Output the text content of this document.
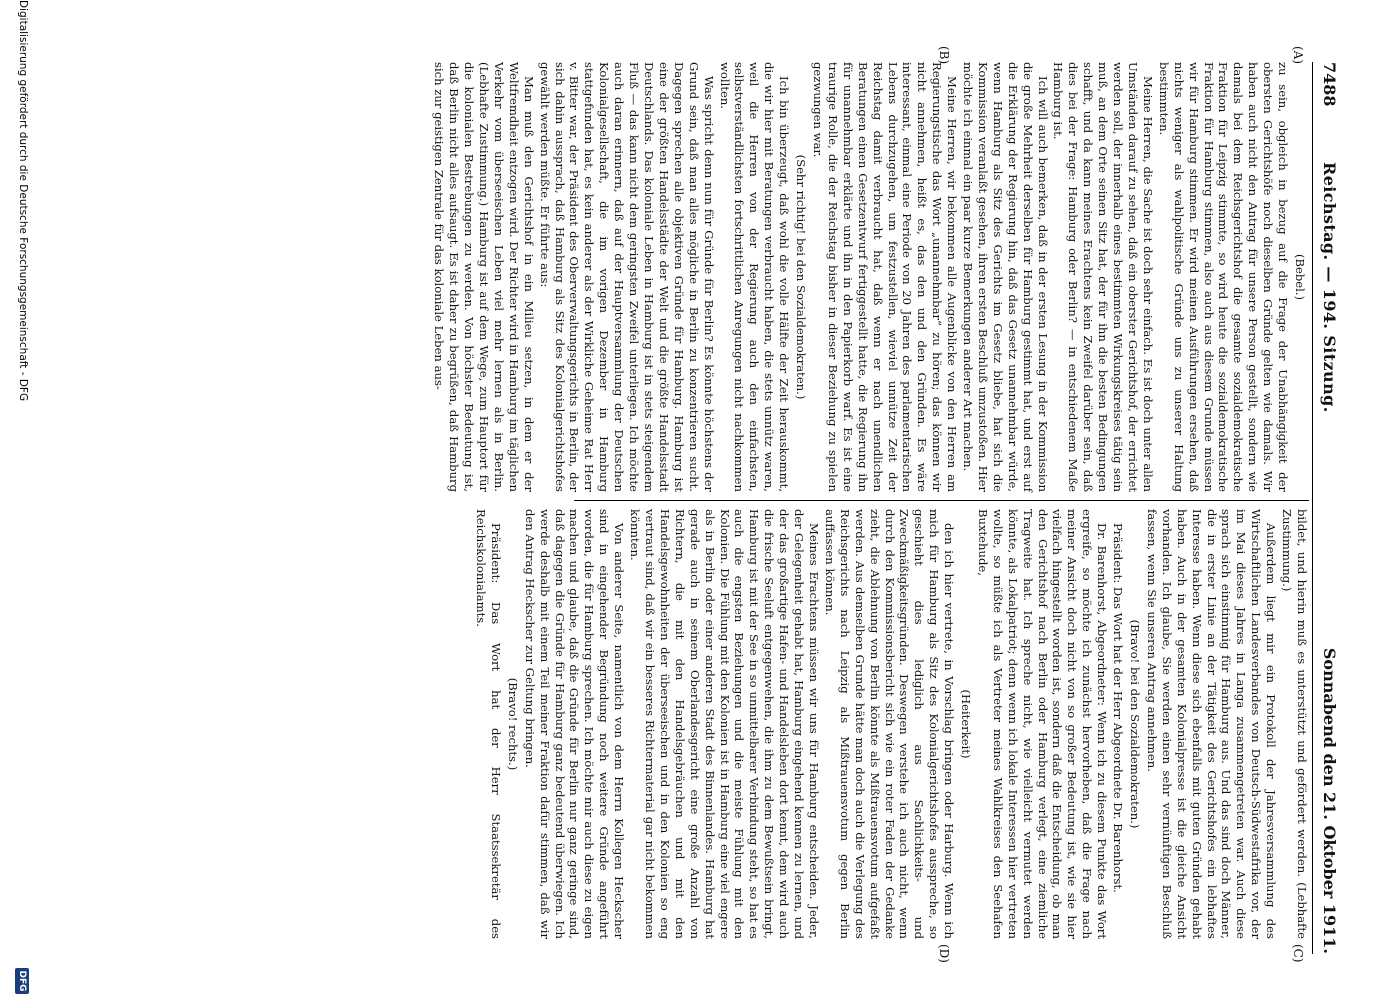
7488
Reichstag. — 194. Sitzung.
Sonnabend den 21. Oktober 1911.
(A)
(B)
(C)
(D)

(Bebel.)

zu sein, obgleich in bezug auf die Frage der Unabhängigkeit der obersten Gerichtshöfe noch dieselben Gründe gelten wie damals. Wir haben auch nicht den Antrag für unsere Person gestellt, sondern wie damals bei dem Reichsgerichtshof die gesamte sozialdemokratische Fraktion für Leipzig stimmte, so wird heute die sozialdemokratische Fraktion für Hamburg stimmen, also auch aus diesem Grunde müssen wir für Hamburg stimmen. Er wird meinen Ausführungen ersehen, daß nichts weniger als wahlpolitische Gründe uns zu unserer Haltung bestimmten.

Meine Herren, die Sache ist doch sehr einfach. Es ist doch unter allen Umständen darauf zu sehen, daß ein oberster Gerichtshof, der errichtet werden soll, der innerhalb eines bestimmten Wirkungskreises tätig sein muß, an dem Orte seinen Sitz hat, der für ihn die besten Bedingungen schafft, und da kann meines Erachtens kein Zweifel darüber sein, daß dies bei der Frage: Hamburg oder Berlin? — in entschiedenem Maße Hamburg ist.

Ich will auch bemerken, daß in der ersten Lesung in der Kommission die große Mehrheit derselben für Hamburg gestimmt hat, und erst auf die Erklärung der Regierung hin, daß das Gesetz unannehmbar würde, wenn Hamburg als Sitz des Gerichts im Gesetz bliebe, hat sich die Kommission veranlaßt gesehen, ihren ersten Beschluß umzustoßen. Hier möchte ich einmal ein paar kurze Bemerkungen anderer Art machen.

Meine Herren, wir bekommen alle Augenblicke von den Herren am Regierungstische das Wort „unannehmbar“ zu hören; das können wir nicht annehmen, heißt es, das den und den Gründen. Es wäre interessant, einmal eine Periode von 20 Jahren des parlamentarischen Lebens durchzugehen, um festzustellen, wieviel unnütze Zeit der Reichstag damit verbraucht hat, daß wenn er nach unendlichen Beratungen einen Gesetzentwurf fertiggestellt hatte, die Regierung ihn für unannehmbar erklärte und ihn in den Papierkorb warf. Es ist eine traurige Rolle, die der Reichstag bisher in dieser Beziehung zu spielen gezwungen war.

(Sehr richtig! bei den Sozialdemokraten.)

Ich bin überzeugt, daß wohl die volle Hälfte der Zeit herauskommt, die wir hier mit Beratungen verbraucht haben, die stets unnütz waren, weil die Herren von der Regierung auch den einfachsten, selbstverständlichsten fortschrittlichen Anregungen nicht nachkommen wollten.

Was spricht denn nun für Gründe für Berlin? Es könnte höchstens der Grund sein, daß man alles mögliche in Berlin zu konzentrieren sucht. Dagegen sprechen alle objektiven Gründe für Hamburg. Hamburg ist eine der größten Handelsstädte der Welt und die größte Handelsstadt Deutschlands. Das koloniale Leben in Hamburg ist in stets steigendem Fluß — das kann nicht dem geringsten Zweifel unterliegen. Ich möchte auch daran erinnern, daß auf der Hauptversammlung der Deutschen Kolonialgesellschaft, die im vorigen Dezember in Hamburg stattgefunden hat, es kein anderer als der Wirkliche Geheime Rat Herr v. Bitter war, der Präsident des Oberverwaltungsgerichts in Berlin, der sich dahin aussprach, daß Hamburg als Sitz des Kolonialgerichtshofes gewählt werden müßte. Er führte aus:

Man muß den Gerichtshof in ein Milieu setzen, in dem er der Weltfremdheit entzogen wird. Der Richter wird in Hamburg im täglichen Verkehr vom überseeischen Leben viel mehr lernen als in Berlin. (Lebhafte Zustimmung.) Hamburg ist auf dem Wege, zum Hauptort für die kolonialen Bestrebungen zu werden. Von höchster Bedeutung ist, daß Berlin nicht alles aufsaugt. Es ist daher zu begrüßen, daß Hamburg sich zur geistigen Zentrale für das koloniale Leben aus-

bildet, und hierin muß es unterstützt und gefördert werden. (Lebhafte Zustimmung.)

Außerdem liegt mir ein Protokoll der Jahresversammlung des Wirtschaftlichen Landesverbandes von Deutsch-Südwestafrika vor, der im Mai dieses Jahres in Langa zusammengetreten war. Auch diese sprach sich einstimmig für Hamburg aus. Und das sind doch Männer, die in erster Linie an der Tätigkeit des Gerichtshofes ein lebhaftes Interesse haben. Wenn diese sich ebenfalls mit guten Gründen gehabt haben. Auch in der gesamten Kolonialpresse ist die gleiche Ansicht vorhanden. Ich glaube, Sie werden einen sehr vernünftigen Beschluß fassen, wenn Sie unseren Antrag annehmen.

(Bravo! bei den Sozialdemokraten.)

Präsident: Das Wort hat der Herr Abgeordnete Dr. Barenhorst.

Dr. Barenhorst, Abgeordneter: Wenn ich zu diesem Punkte das Wort ergreife, so möchte ich zunächst hervorheben, daß die Frage nach meiner Ansicht doch nicht von so großer Bedeutung ist, wie sie hier vielfach hingestellt worden ist, sondern daß die Entscheidung, ob man den Gerichtshof nach Berlin oder Hamburg verlegt, eine ziemliche Tragweite hat. Ich spreche nicht, wie vielleicht vermutet werden könnte, als Lokalpatriot; denn wenn ich lokale Interessen hier vertreten wollte, so müßte ich als Vertreter meines Wahlkreises den Seehafen Buxtehude,

(Heiterkeit)

den ich hier vertrete, in Vorschlag bringen oder Harburg. Wenn ich mich für Hamburg als Sitz des Kolonialgerichtshofes ausspreche, so geschieht dies lediglich aus Sachlichkeits- und Zweckmäßigkeitsgründen. Deswegen verstehe ich auch nicht, wenn durch den Kommissionsbericht sich wie ein roter Faden der Gedanke zieht, die Ablehnung von Berlin könnte als Mißtrauensvotum aufgefaßt werden. Aus demselben Grunde hätte man doch auch die Verlegung des Reichsgerichts nach Leipzig als Mißtrauensvotum gegen Berlin auffassen können.

Meines Erachtens müssen wir uns für Hamburg entscheiden. Jeder, der Gelegenheit gehabt hat, Hamburg eingehend kennen zu lernen, und der das großartige Hafen- und Handelsleben dort kennt, dem wird auch die frische Seeluft entgegenwehen, die ihm zu dem Bewußtsein bringt, Hamburg ist mit der See in so unmittelbarer Verbindung steht, so hat es auch die engsten Beziehungen und die meiste Fühlung mit den Kolonien. Die Fühlung mit den Kolonien ist in Hamburg eine viel engere als in Berlin oder einer anderen Stadt des Binnenlandes. Hamburg hat gerade auch in seinem Oberlandesgericht eine große Anzahl von Richtern, die mit den Handelsgebräuchen und mit den Handelsgewohnheiten der überseeischen und in den Kolonien so eng vertraut sind, daß wir ein besseres Richtermaterial gar nicht bekommen könnten.

Von anderer Seite, namentlich von dem Herrn Kollegen Heckscher sind in eingehender Begründung noch weitere Gründe angeführt worden, die für Hamburg sprechen. Ich möchte mir auch diese zu eigen machen und glaube, daß die Gründe für Berlin nur ganz geringe sind, daß dagegen die Gründe für Hamburg ganz bedeutend überwiegen. Ich werde deshalb mit einem Teil meiner Fraktion dafür stimmen, daß wir den Antrag Heckscher zur Geltung bringen.

(Bravo! rechts.)

Präsident: Das Wort hat der Herr Staatssekretär des Reichskolonialamts.

Digitalisierung gefördert durch die Deutsche Forschungsgemeinschaft - DFG
DFG
